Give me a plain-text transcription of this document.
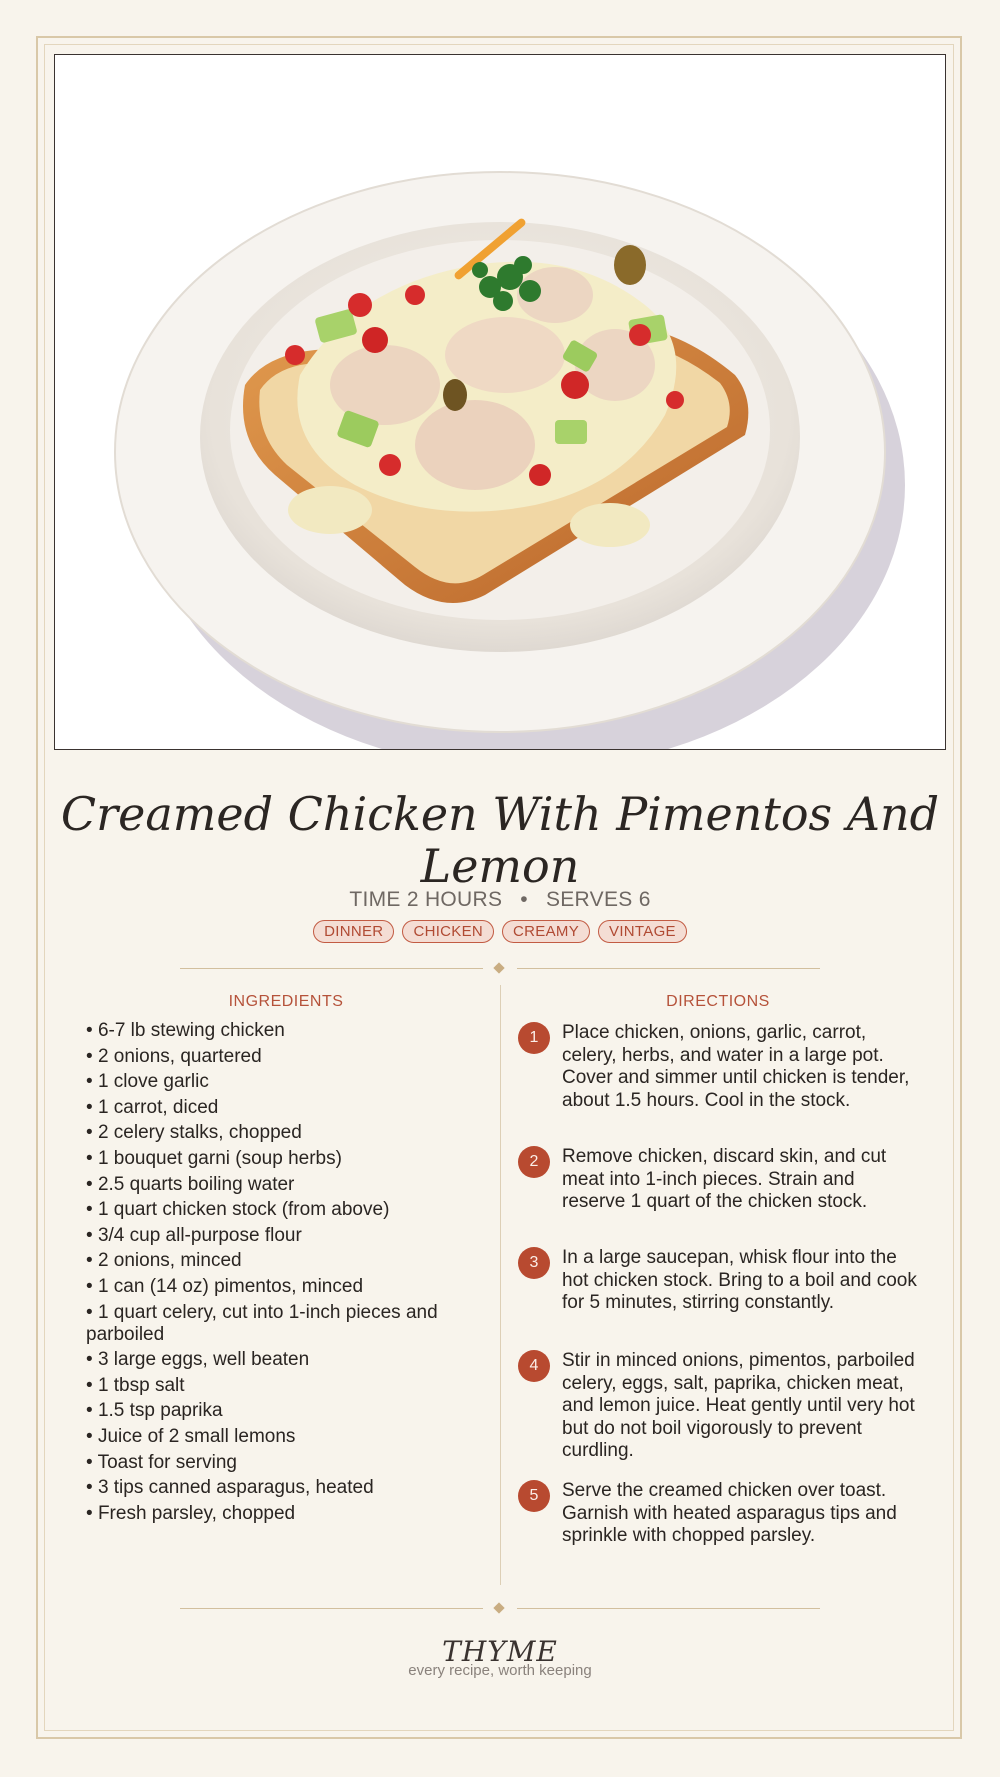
Creamed Chicken With Pimentos And Lemon
TIME 2 HOURS • SERVES 6
DINNER	CHICKEN	CREAMY	VINTAGE
INGREDIENTS	DIRECTIONS
• 6-7 lb stewing chicken
• 2 onions, quartered
• 1 clove garlic
• 1 carrot, diced
• 2 celery stalks, chopped
• 1 bouquet garni (soup herbs)
• 2.5 quarts boiling water
• 1 quart chicken stock (from above)
• 3/4 cup all-purpose flour
• 2 onions, minced
• 1 can (14 oz) pimentos, minced
• 1 quart celery, cut into 1-inch pieces and parboiled
• 3 large eggs, well beaten
• 1 tbsp salt
• 1.5 tsp paprika
• Juice of 2 small lemons
• Toast for serving
• 3 tips canned asparagus, heated
• Fresh parsley, chopped
1	Place chicken, onions, garlic, carrot, celery, herbs, and water in a large pot. Cover and simmer until chicken is tender, about 1.5 hours. Cool in the stock.
2	Remove chicken, discard skin, and cut meat into 1-inch pieces. Strain and reserve 1 quart of the chicken stock.
3	In a large saucepan, whisk flour into the hot chicken stock. Bring to a boil and cook for 5 minutes, stirring constantly.
4	Stir in minced onions, pimentos, parboiled celery, eggs, salt, paprika, chicken meat, and lemon juice. Heat gently until very hot but do not boil vigorously to prevent curdling.
5	Serve the creamed chicken over toast. Garnish with heated asparagus tips and sprinkle with chopped parsley.
THYME
every recipe, worth keeping
